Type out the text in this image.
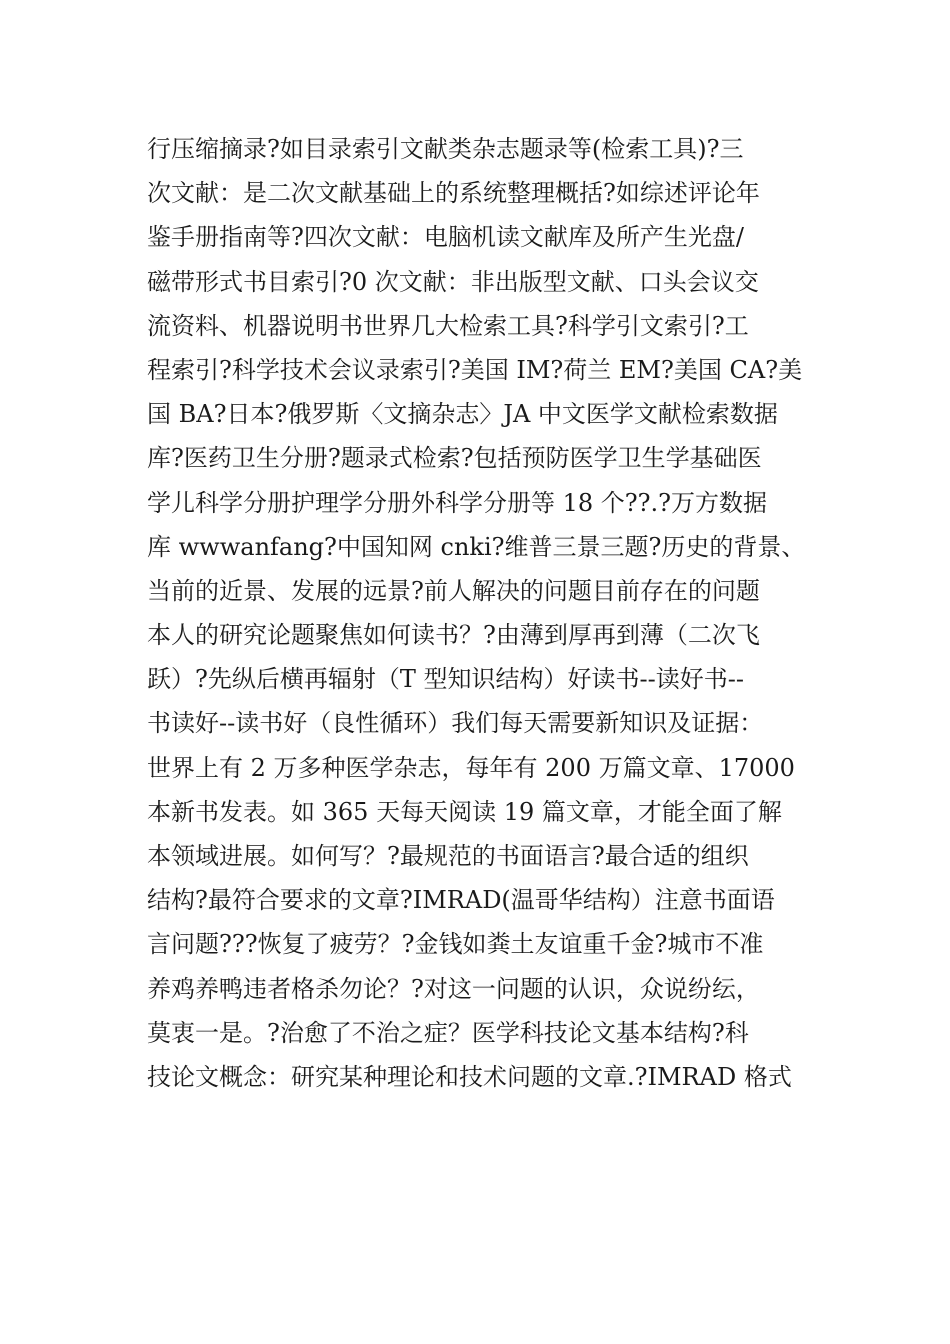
行压缩摘录?如目录索引文献类杂志题录等(检索工具)?三
次文献：是二次文献基础上的系统整理概括?如综述评论年
鉴手册指南等?四次文献：电脑机读文献库及所产生光盘/
磁带形式书目索引?0 次文献：非出版型文献、口头会议交
流资料、机器说明书世界几大检索工具?科学引文索引?工
程索引?科学技术会议录索引?美国 IM?荷兰 EM?美国 CA?美
国 BA?日本?俄罗斯〈文摘杂志〉JA 中文医学文献检索数据
库?医药卫生分册?题录式检索?包括预防医学卫生学基础医
学儿科学分册护理学分册外科学分册等 18 个??.?万方数据
库 wwwanfang?中国知网 cnki?维普三景三题?历史的背景、
当前的近景、发展的远景?前人解决的问题目前存在的问题
本人的研究论题聚焦如何读书？?由薄到厚再到薄（二次飞
跃）?先纵后横再辐射（T 型知识结构）好读书--读好书--
书读好--读书好（良性循环）我们每天需要新知识及证据：
世界上有 2 万多种医学杂志，每年有 200 万篇文章、17000
本新书发表。如 365 天每天阅读 19 篇文章，才能全面了解
本领域进展。如何写？?最规范的书面语言?最合适的组织
结构?最符合要求的文章?IMRAD(温哥华结构）注意书面语
言问题???恢复了疲劳？?金钱如粪土友谊重千金?城市不准
养鸡养鸭违者格杀勿论？?对这一问题的认识，众说纷纭，
莫衷一是。?治愈了不治之症？医学科技论文基本结构?科
技论文概念：研究某种理论和技术问题的文章.?IMRAD 格式
